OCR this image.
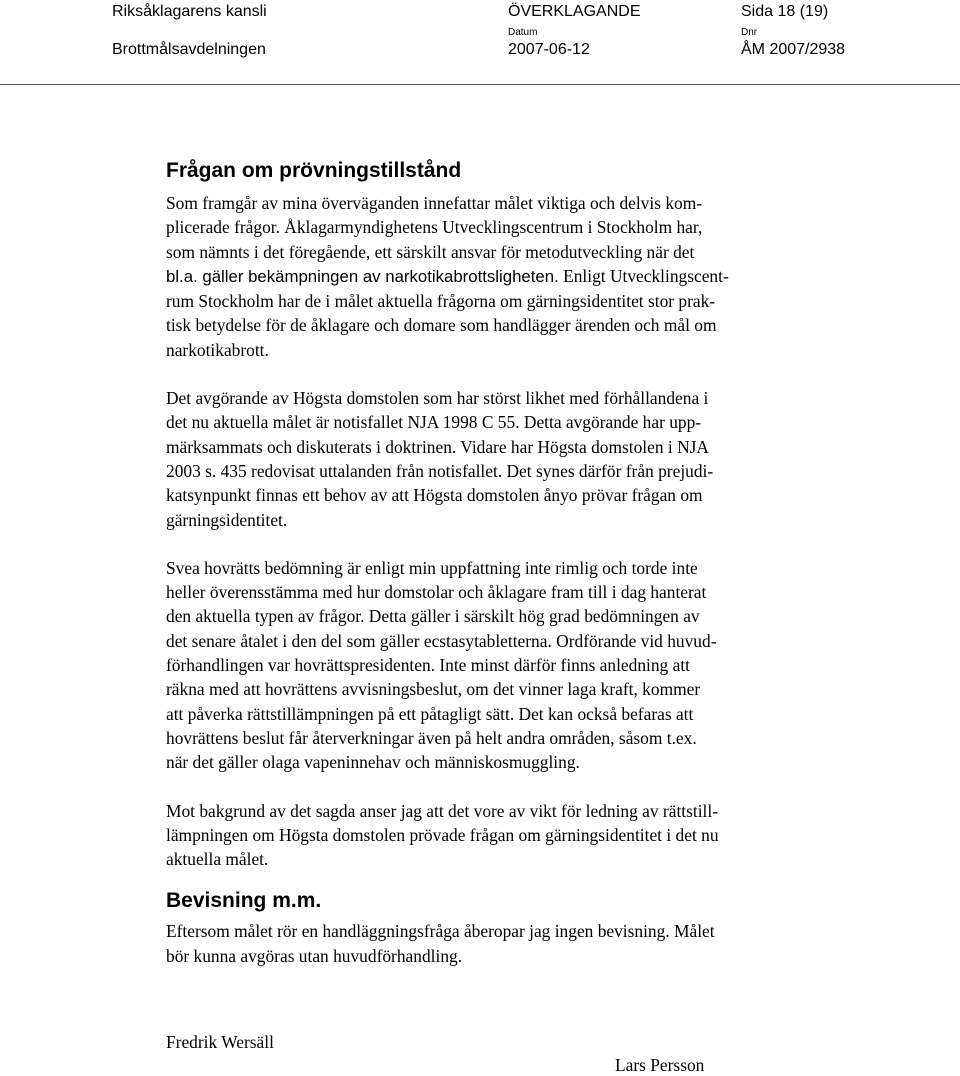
Riksåklagarens kansli
Brottmålsavdelningen
ÖVERKLAGANDE
Datum
2007-06-12
Sida 18 (19)
Dnr
ÅM 2007/2938
Frågan om prövningstillstånd
Som framgår av mina överväganden innefattar målet viktiga och delvis kom-
plicerade frågor. Åklagarmyndighetens Utvecklingscentrum i Stockholm har,
som nämnts i det föregående, ett särskilt ansvar för metodutveckling när det
bl.a. gäller bekämpningen av narkotikabrottsligheten. Enligt Utvecklingscent-
rum Stockholm har de i målet aktuella frågorna om gärningsidentitet stor prak-
tisk betydelse för de åklagare och domare som handlägger ärenden och mål om
narkotikabrott.
Det avgörande av Högsta domstolen som har störst likhet med förhållandena i
det nu aktuella målet är notisfallet NJA 1998 C 55. Detta avgörande har upp-
märksammats och diskuterats i doktrinen. Vidare har Högsta domstolen i NJA
2003 s. 435 redovisat uttalanden från notisfallet. Det synes därför från prejudi-
katsynpunkt finnas ett behov av att Högsta domstolen ånyo prövar frågan om
gärningsidentitet.
Svea hovrätts bedömning är enligt min uppfattning inte rimlig och torde inte
heller överensstämma med hur domstolar och åklagare fram till i dag hanterat
den aktuella typen av frågor. Detta gäller i särskilt hög grad bedömningen av
det senare åtalet i den del som gäller ecstasytabletterna. Ordförande vid huvud-
förhandlingen var hovrättspresidenten. Inte minst därför finns anledning att
räkna med att hovrättens avvisningsbeslut, om det vinner laga kraft, kommer
att påverka rättstillämpningen på ett påtagligt sätt. Det kan också befaras att
hovrättens beslut får återverkningar även på helt andra områden, såsom t.ex.
när det gäller olaga vapeninnehav och människosmuggling.
Mot bakgrund av det sagda anser jag att det vore av vikt för ledning av rättstill-
lämpningen om Högsta domstolen prövade frågan om gärningsidentitet i det nu
aktuella målet.
Bevisning m.m.
Eftersom målet rör en handläggningsfråga åberopar jag ingen bevisning. Målet
bör kunna avgöras utan huvudförhandling.
Fredrik Wersäll
Lars Persson
